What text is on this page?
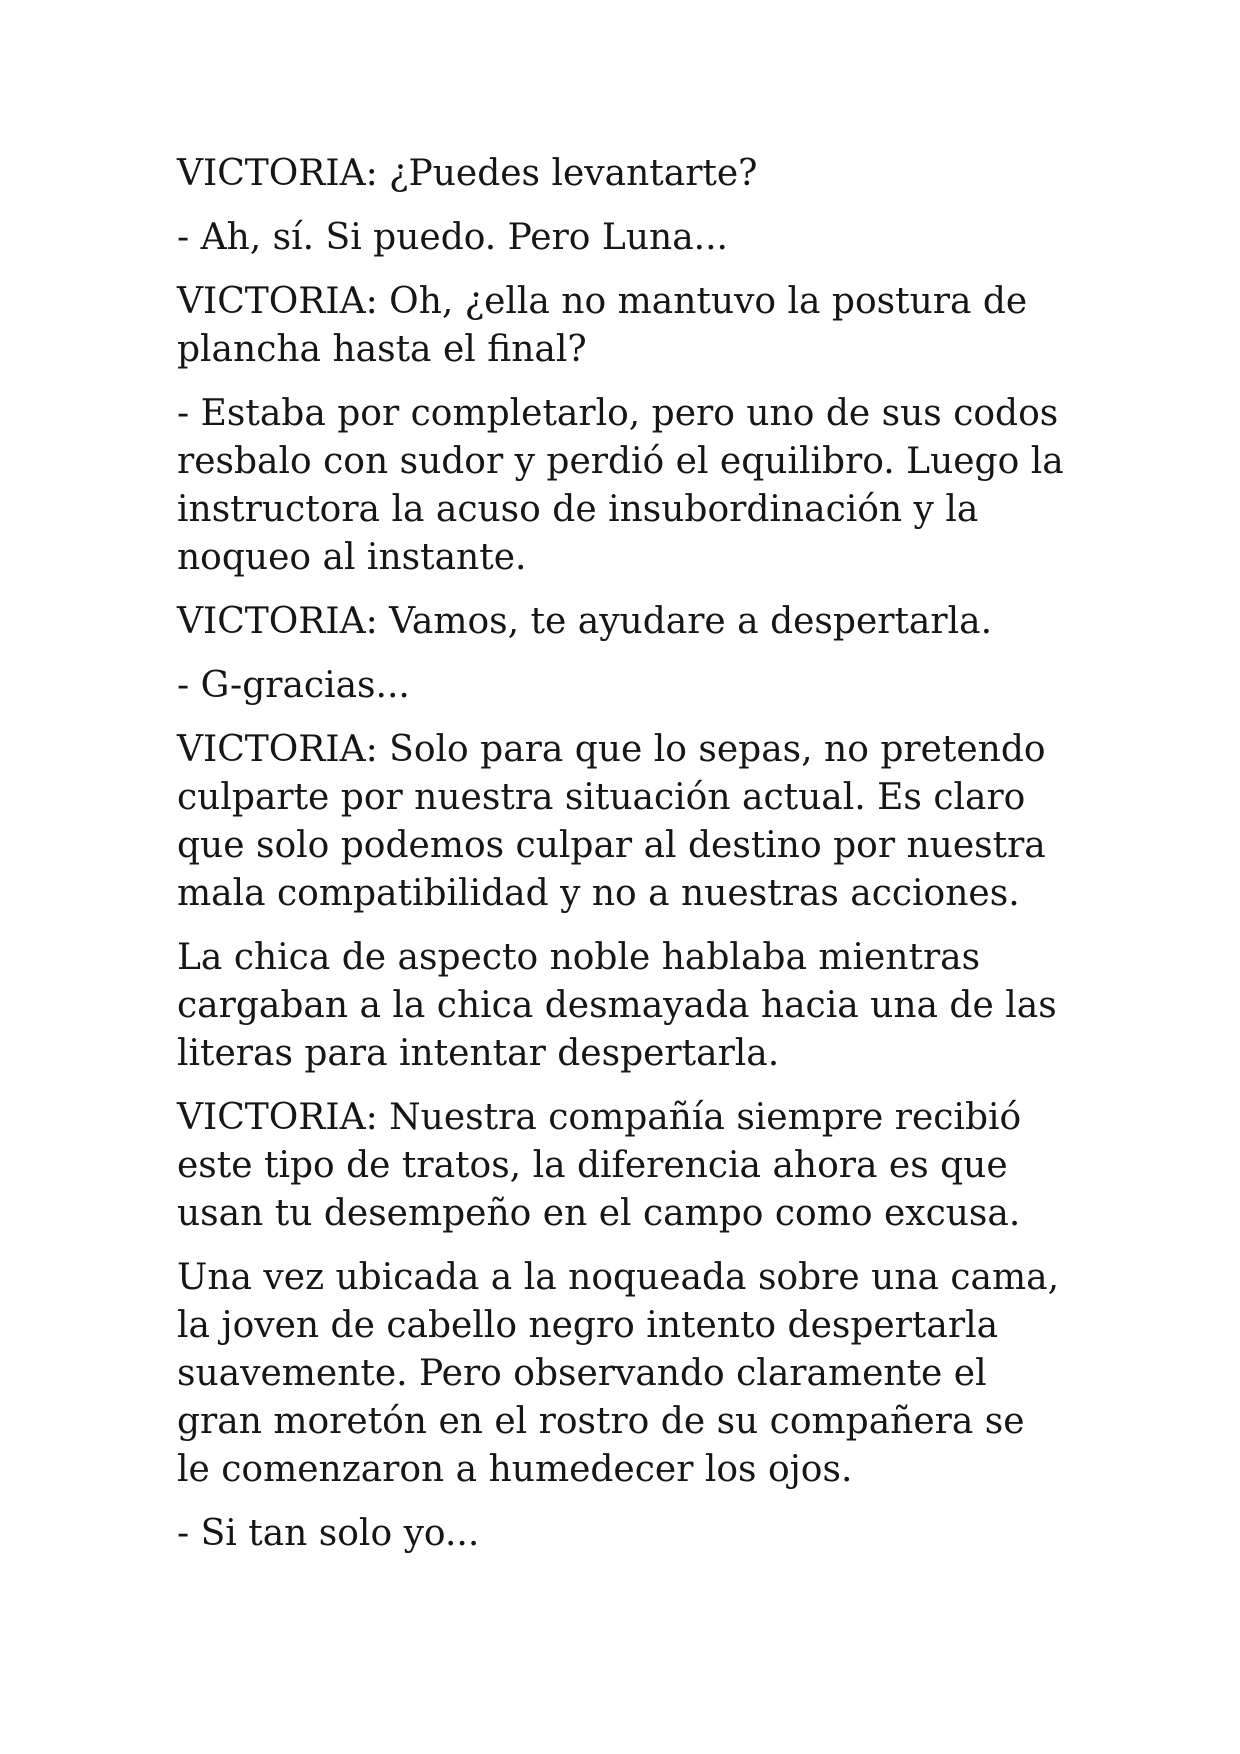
VICTORIA: ¿Puedes levantarte?

- Ah, sí. Si puedo. Pero Luna...

VICTORIA: Oh, ¿ella no mantuvo la postura de
plancha hasta el final?

- Estaba por completarlo, pero uno de sus codos
resbalo con sudor y perdió el equilibro. Luego la
instructora la acuso de insubordinación y la
noqueo al instante.

VICTORIA: Vamos, te ayudare a despertarla.

- G-gracias...

VICTORIA: Solo para que lo sepas, no pretendo
culparte por nuestra situación actual. Es claro
que solo podemos culpar al destino por nuestra
mala compatibilidad y no a nuestras acciones.

La chica de aspecto noble hablaba mientras
cargaban a la chica desmayada hacia una de las
literas para intentar despertarla.

VICTORIA: Nuestra compañía siempre recibió
este tipo de tratos, la diferencia ahora es que
usan tu desempeño en el campo como excusa.

Una vez ubicada a la noqueada sobre una cama,
la joven de cabello negro intento despertarla
suavemente. Pero observando claramente el
gran moretón en el rostro de su compañera se
le comenzaron a humedecer los ojos.

- Si tan solo yo...
